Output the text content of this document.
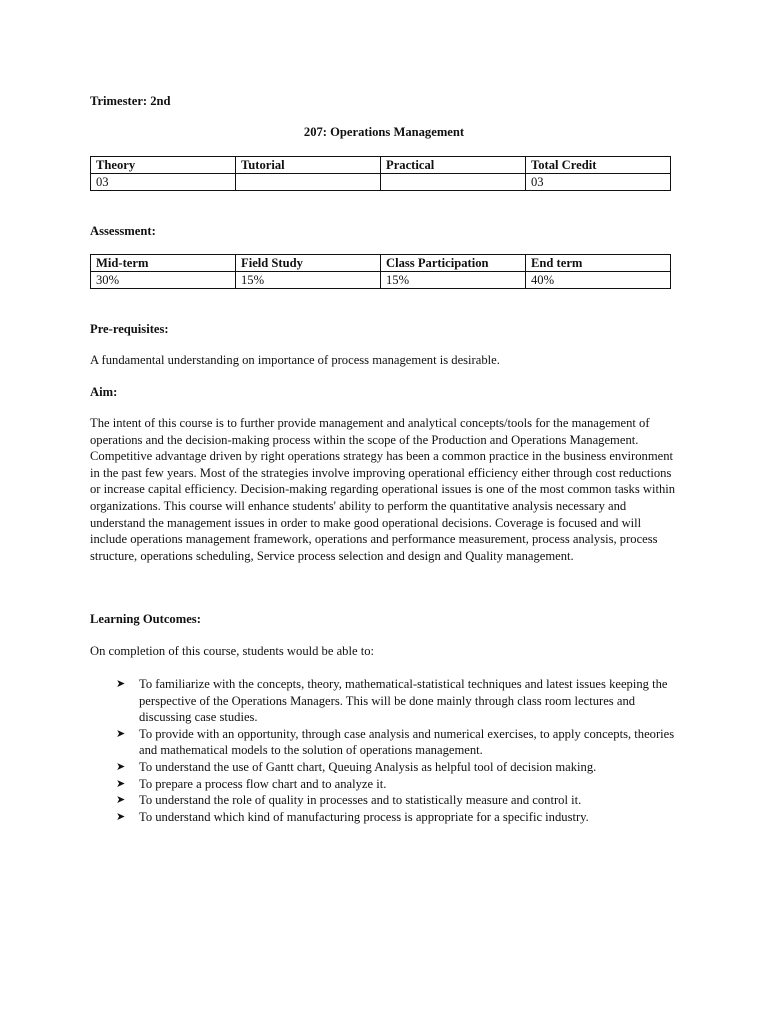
Trimester: 2nd
207: Operations Management
Theory	Tutorial	Practical	Total Credit
03			03
Assessment:
Mid-term	Field Study	Class Participation	End term
30%	15%	15%	40%
Pre-requisites:
A fundamental understanding on importance of process management is desirable.
Aim:
The intent of this course is to further provide management and analytical concepts/tools for the management of operations and the decision-making process within the scope of the Production and Operations Management. Competitive advantage driven by right operations strategy has been a common practice in the business environment in the past few years. Most of the strategies involve improving operational efficiency either through cost reductions or increase capital efficiency. Decision-making regarding operational issues is one of the most common tasks within organizations. This course will enhance students' ability to perform the quantitative analysis necessary and understand the management issues in order to make good operational decisions. Coverage is focused and will include operations management framework, operations and performance measurement, process analysis, process structure, operations scheduling, Service process selection and design and Quality management.
Learning Outcomes:
On completion of this course, students would be able to:
➤ To familiarize with the concepts, theory, mathematical-statistical techniques and latest issues keeping the perspective of the Operations Managers. This will be done mainly through class room lectures and discussing case studies.
➤ To provide with an opportunity, through case analysis and numerical exercises, to apply concepts, theories and mathematical models to the solution of operations management.
➤ To understand the use of Gantt chart, Queuing Analysis as helpful tool of decision making.
➤ To prepare a process flow chart and to analyze it.
➤ To understand the role of quality in processes and to statistically measure and control it.
➤ To understand which kind of manufacturing process is appropriate for a specific industry.
